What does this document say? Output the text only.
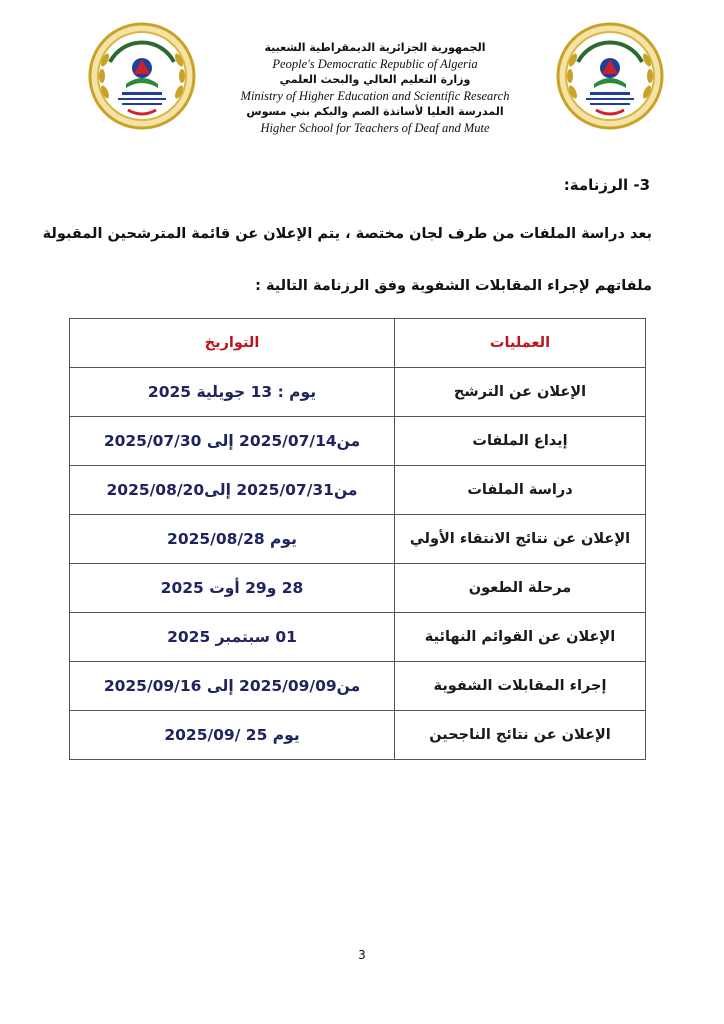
الجمهورية الجزائرية الديمقراطية الشعبية
People's Democratic Republic of Algeria
وزارة التعليم العالي والبحث العلمي
Ministry of Higher Education and Scientific Research
المدرسة العليا لأساتذة الصم والبكم بني مسوس
Higher School for Teachers of Deaf and Mute
3- الرزنامة:
بعد دراسة الملفات من طرف لجان مختصة ، يتم الإعلان عن قائمة المترشحين المقبولة
ملفاتهم لإجراء المقابلات الشفوية وفق الرزنامة التالية :
العمليات	التواريخ
الإعلان عن الترشح	يوم : 13 جويلية 2025
إيداع الملفات	من2025/07/14 إلى 2025/07/30
دراسة الملفات	من2025/07/31 إلى2025/08/20
الإعلان عن نتائج الانتقاء الأولي	يوم 2025/08/28
مرحلة الطعون	28 و29 أوت 2025
الإعلان عن القوائم النهائية	01 سبتمبر 2025
إجراء المقابلات الشفوية	من2025/09/09 إلى 2025/09/16
الإعلان عن نتائج الناجحين	يوم 25 /2025/09
3
